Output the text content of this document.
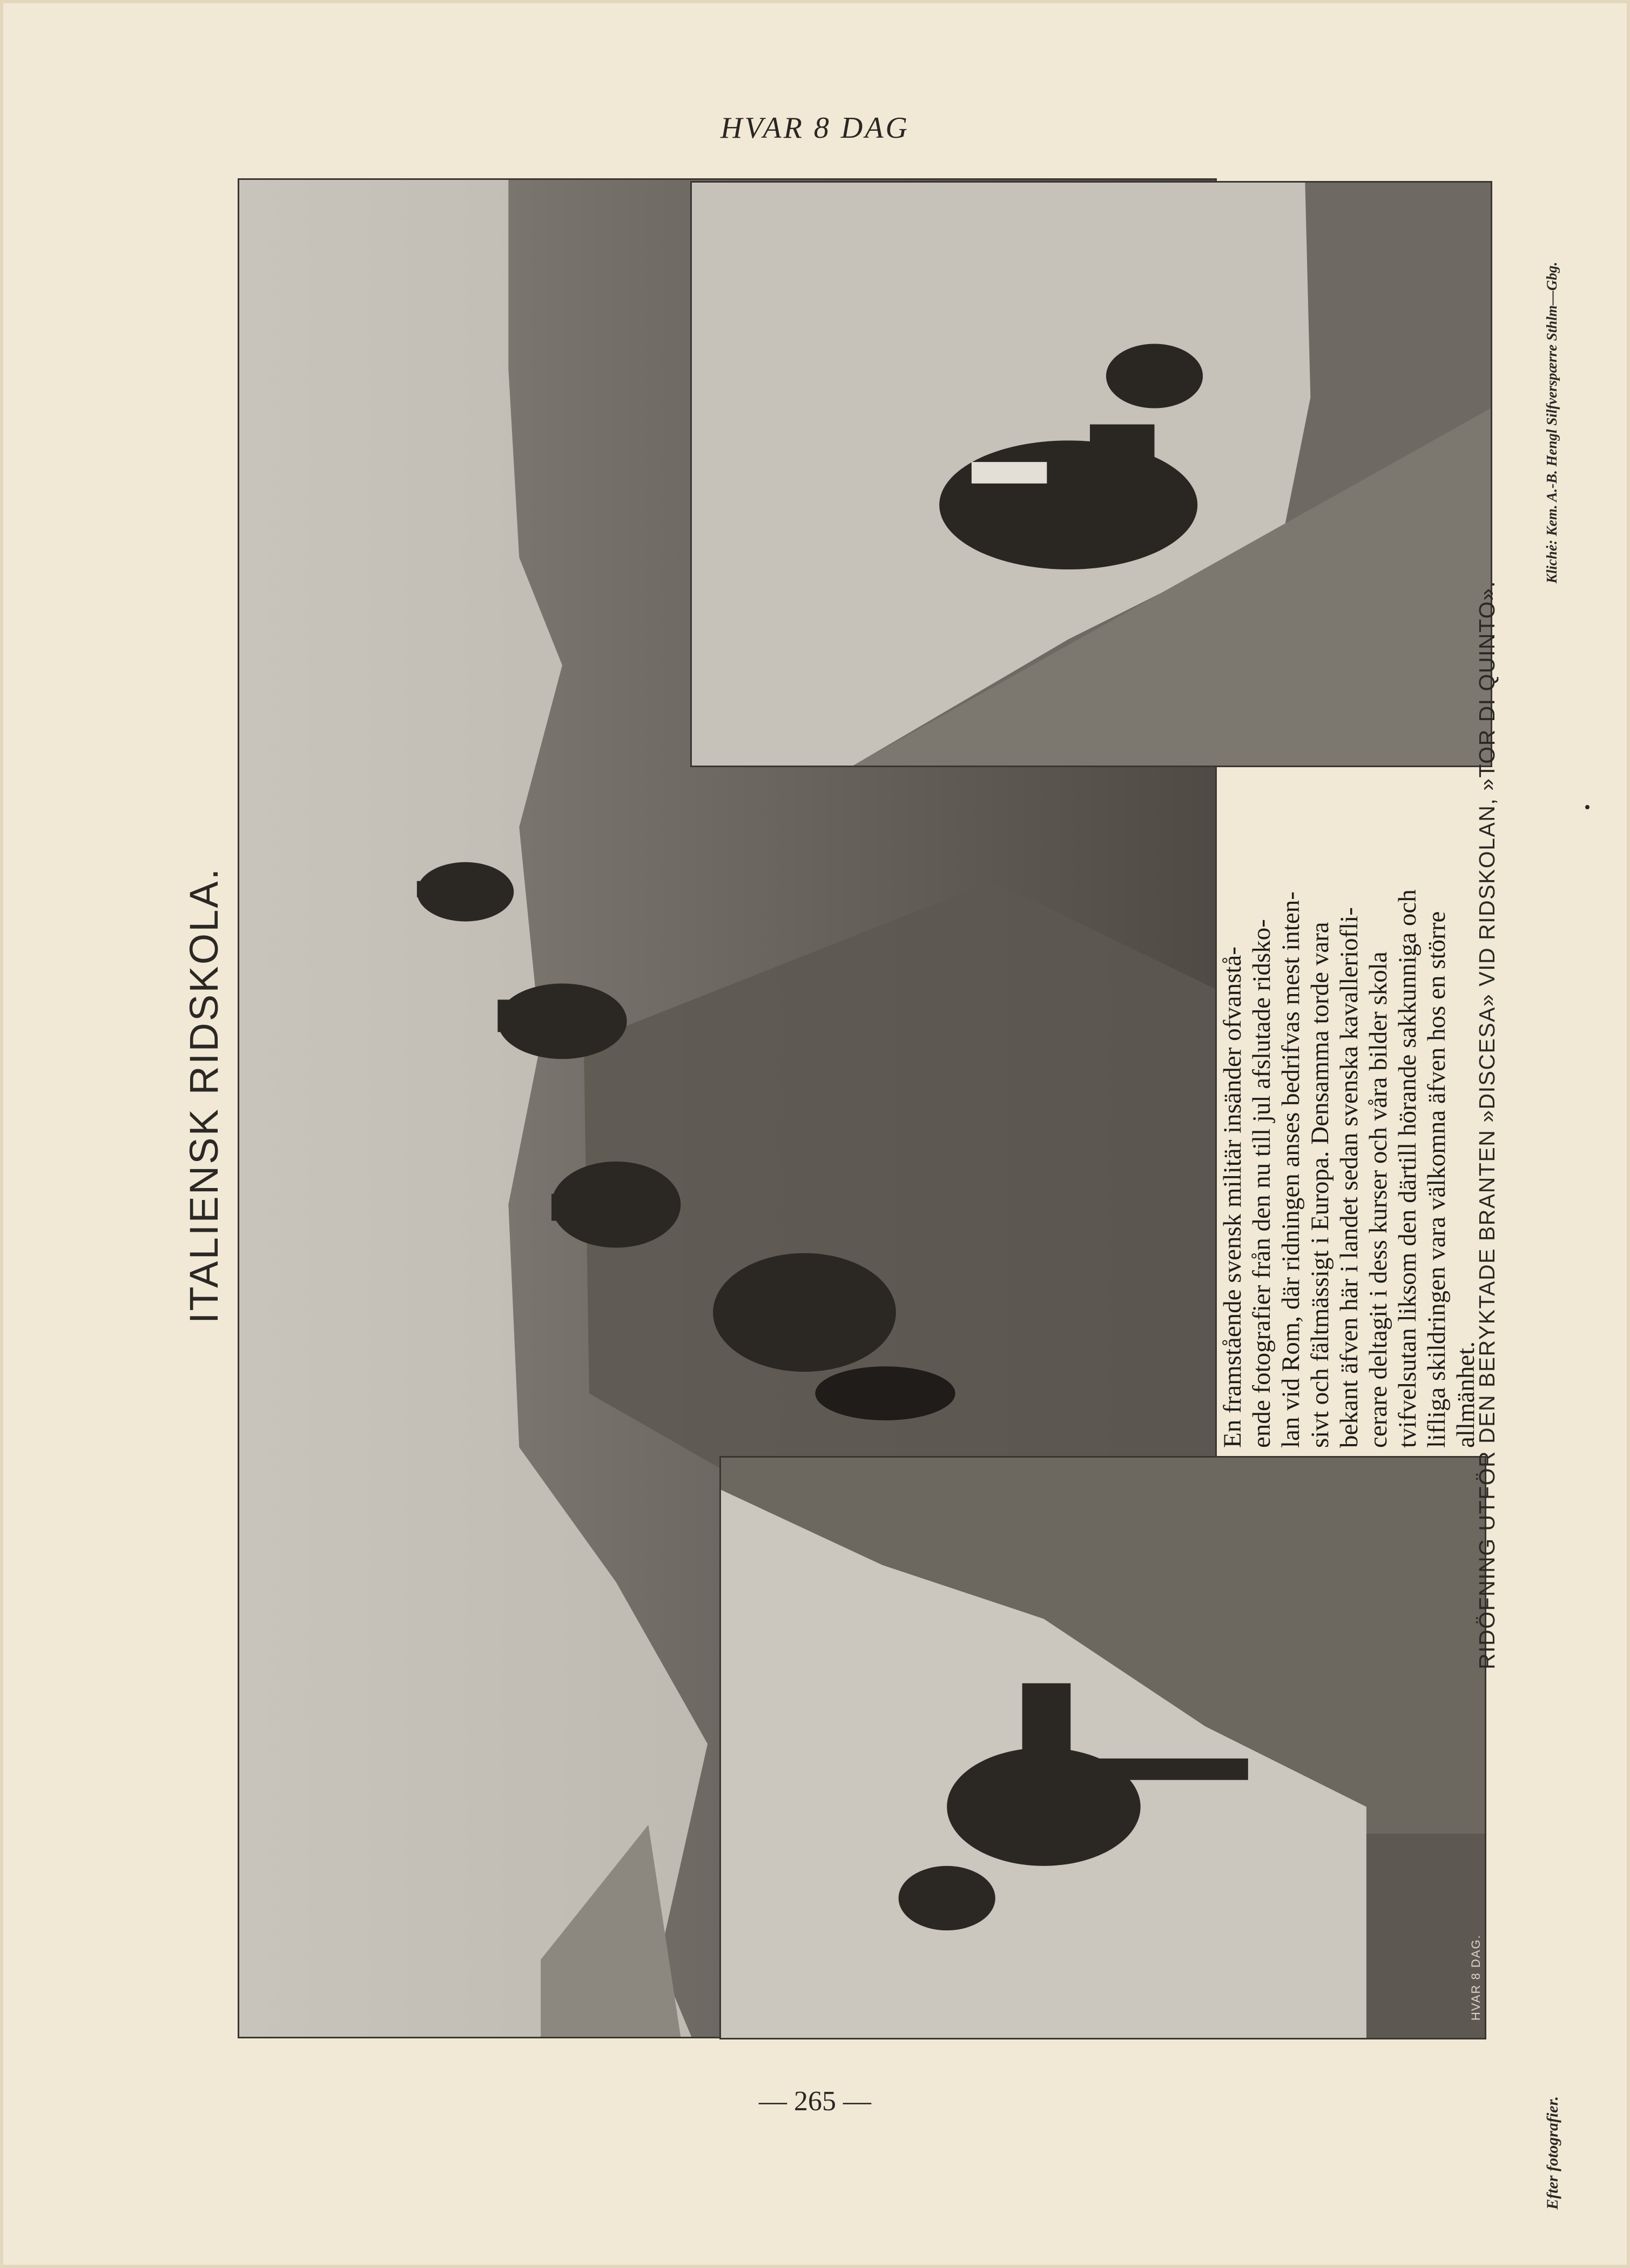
HVAR 8 DAG
HVAR 8 DAG.

En framstående svensk militär insänder ofvanstå- ende fotografier från den nu till jul afslutade ridsko- lan vid Rom, där ridningen anses bedrifvas mest inten- sivt och fältmässigt i Europa. Densamma torde vara bekant äfven här i landet sedan svenska kavalleriofli- cerare deltagit i dess kurser och våra bilder skola tvifvelsutan liksom den därtill hörande sakkunniga och lifliga skildringen vara välkomna äfven hos en större allmänhet.

ITALIENSK RIDSKOLA.	RIDÖFNING UTFÖR DEN BERYKTADE BRANTEN »DISCESA» VID RIDSKOLAN, »TOR DI QUINTO».
Efter fotografier.
Klichė: Kem. A.-B. Hengl Silfverspærre Sthlm—Gbg.
— 265 —
